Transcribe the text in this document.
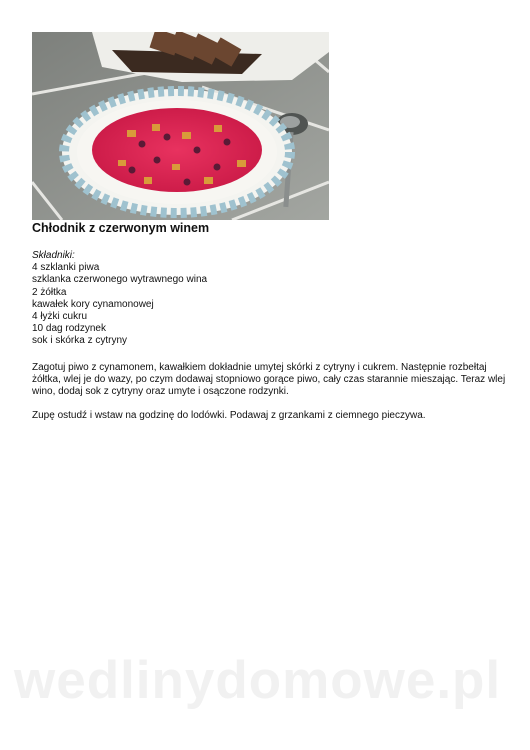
Chłodnik z czerwonym winem
Składniki:
4 szklanki piwa
szklanka czerwonego wytrawnego wina
2 żółtka
kawałek kory cynamonowej
4 łyżki cukru
10 dag rodzynek
sok i skórka z cytryny

Zagotuj piwo z cynamonem, kawałkiem dokładnie umytej skórki z cytryny i cukrem. Następnie rozbełtaj żółtka, wlej je do wazy, po czym dodawaj stopniowo gorące piwo, cały czas starannie mieszając. Teraz wlej wino, dodaj sok z cytryny oraz umyte i osączone rodzynki.

Zupę ostudź i wstaw na godzinę do lodówki. Podawaj z grzankami z ciemnego pieczywa.

wedlinydomowe.pl
